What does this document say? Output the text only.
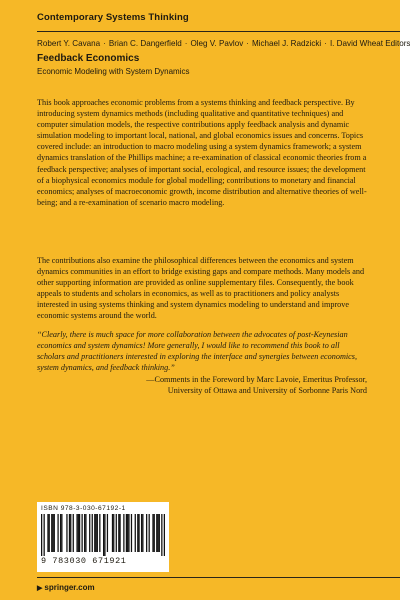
Contemporary Systems Thinking
Robert Y. Cavana · Brian C. Dangerfield · Oleg V. Pavlov · Michael J. Radzicki · I. David Wheat Editors
Feedback Economics
Economic Modeling with System Dynamics
This book approaches economic problems from a systems thinking and feedback perspective. By introducing system dynamics methods (including qualitative and quantitative techniques) and computer simulation models, the respective contributions apply feedback analysis and dynamic simulation modeling to important local, national, and global economics issues and concerns. Topics covered include: an introduction to macro modeling using a system dynamics framework; a system dynamics translation of the Phillips machine; a re-examination of classical economic theories from a feedback perspective; analyses of important social, ecological, and resource issues; the development of a biophysical economics module for global modelling; contributions to monetary and financial economics; analyses of macroeconomic growth, income distribution and alternative theories of well-being; and a re-examination of scenario macro modeling.
The contributions also examine the philosophical differences between the economics and system dynamics communities in an effort to bridge existing gaps and compare methods. Many models and other supporting information are provided as online supplementary files. Consequently, the book appeals to students and scholars in economics, as well as to practitioners and policy analysts interested in using systems thinking and system dynamics modeling to understand and improve economic systems around the world.
“Clearly, there is much space for more collaboration between the advocates of post-Keynesian economics and system dynamics! More generally, I would like to recommend this book to all scholars and practitioners interested in exploring the interface and synergies between economics, system dynamics, and feedback thinking.”
—Comments in the Foreword by Marc Lavoie, Emeritus Professor,
University of Ottawa and University of Sorbonne Paris Nord
ISBN 978-3-030-67192-1
9 783030 671921
▶ springer.com
